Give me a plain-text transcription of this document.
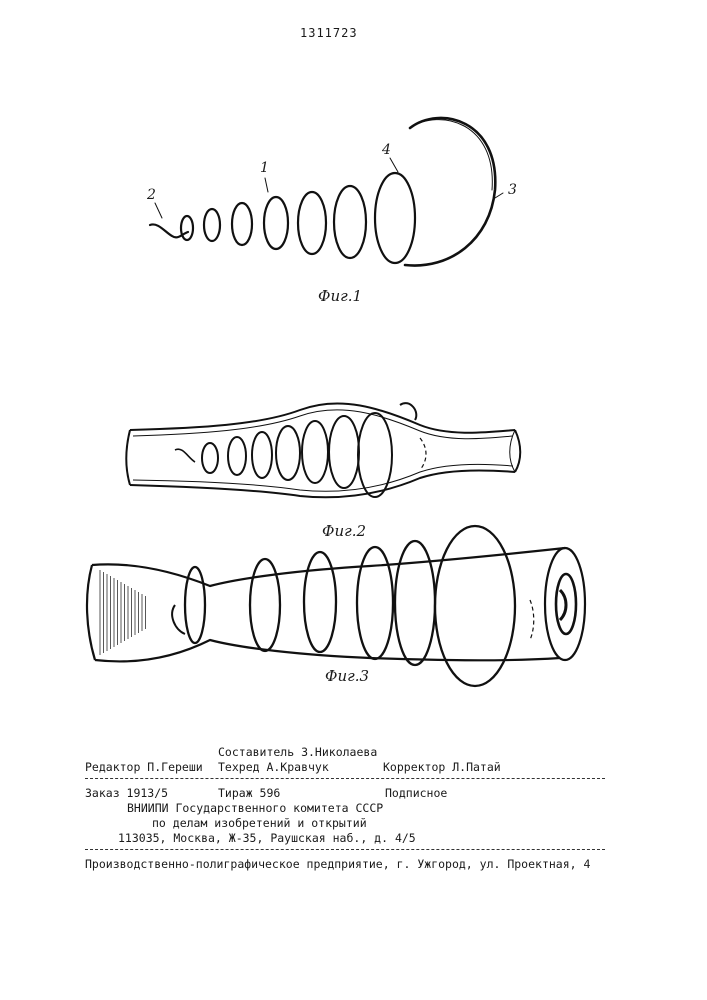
1311723
1
2	3
4
Фиг.1
Фиг.2
Фиг.3
Составитель З.Николаева
Редактор П.Гереши Техред А.Кравчук	Корректор Л.Патай
Заказ 1913/5	Тираж 596	Подписное
ВНИИПИ Государственного комитета СССР
по делам изобретений и открытий
113035, Москва, Ж-35, Раушская наб., д. 4/5
Производственно-полиграфическое предприятие, г. Ужгород, ул. Проектная, 4
